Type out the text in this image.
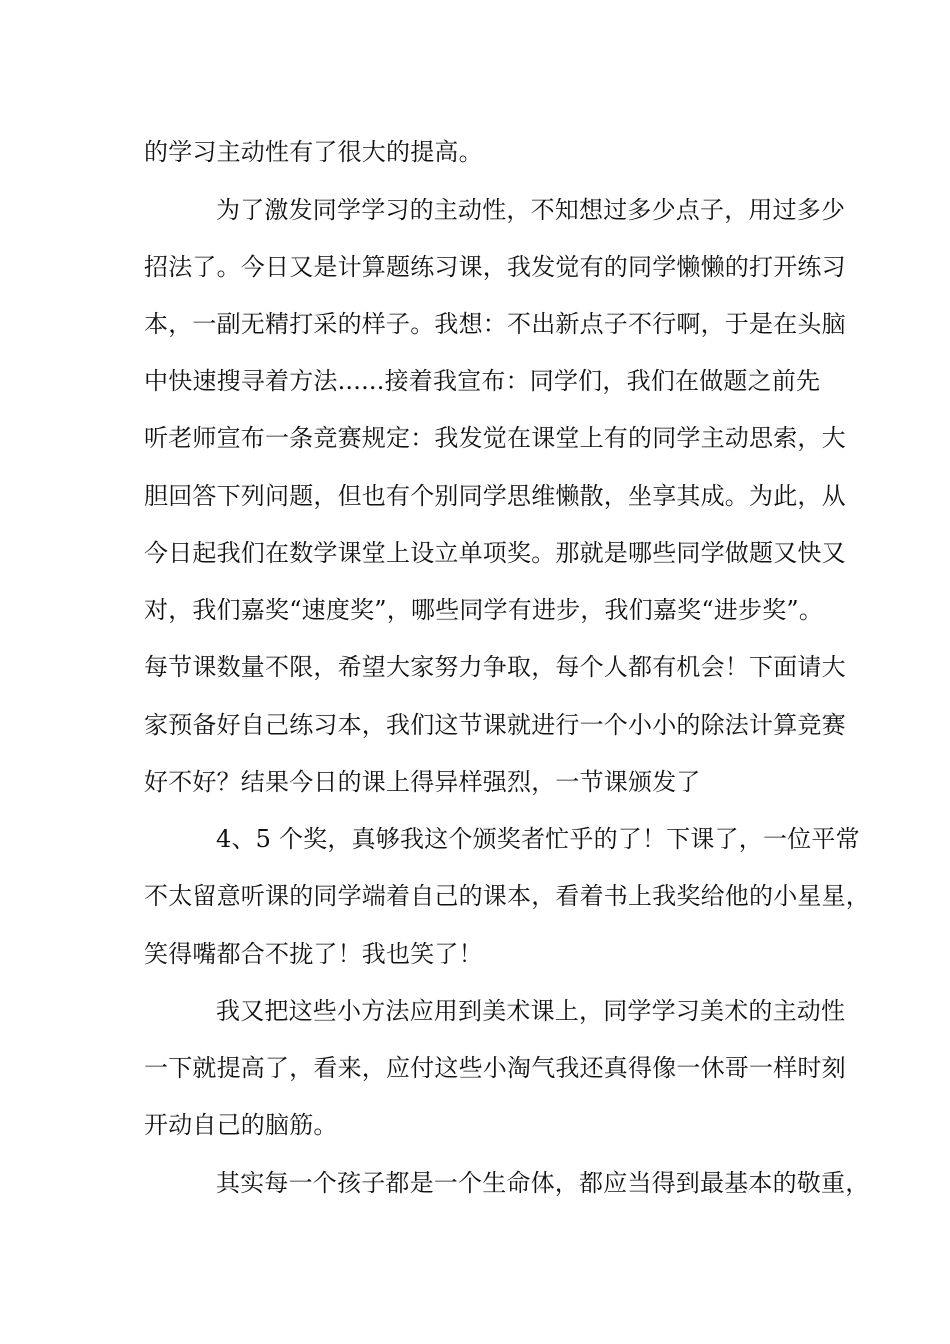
的学习主动性有了很大的提高。
为了激发同学学习的主动性，不知想过多少点子，用过多少
招法了。今日又是计算题练习课，我发觉有的同学懒懒的打开练习
本，一副无精打采的样子。我想：不出新点子不行啊，于是在头脑
中快速搜寻着方法......接着我宣布：同学们，我们在做题之前先
听老师宣布一条竞赛规定：我发觉在课堂上有的同学主动思索，大
胆回答下列问题，但也有个别同学思维懒散，坐享其成。为此，从
今日起我们在数学课堂上设立单项奖。那就是哪些同学做题又快又
对，我们嘉奖“速度奖”，哪些同学有进步，我们嘉奖“进步奖”。
每节课数量不限，希望大家努力争取，每个人都有机会！下面请大
家预备好自己练习本，我们这节课就进行一个小小的除法计算竞赛
好不好？结果今日的课上得异样强烈，一节课颁发了
4、5 个奖，真够我这个颁奖者忙乎的了！下课了，一位平常
不太留意听课的同学端着自己的课本，看着书上我奖给他的小星星，
笑得嘴都合不拢了！我也笑了！
我又把这些小方法应用到美术课上，同学学习美术的主动性
一下就提高了，看来，应付这些小淘气我还真得像一休哥一样时刻
开动自己的脑筋。
其实每一个孩子都是一个生命体，都应当得到最基本的敬重，
